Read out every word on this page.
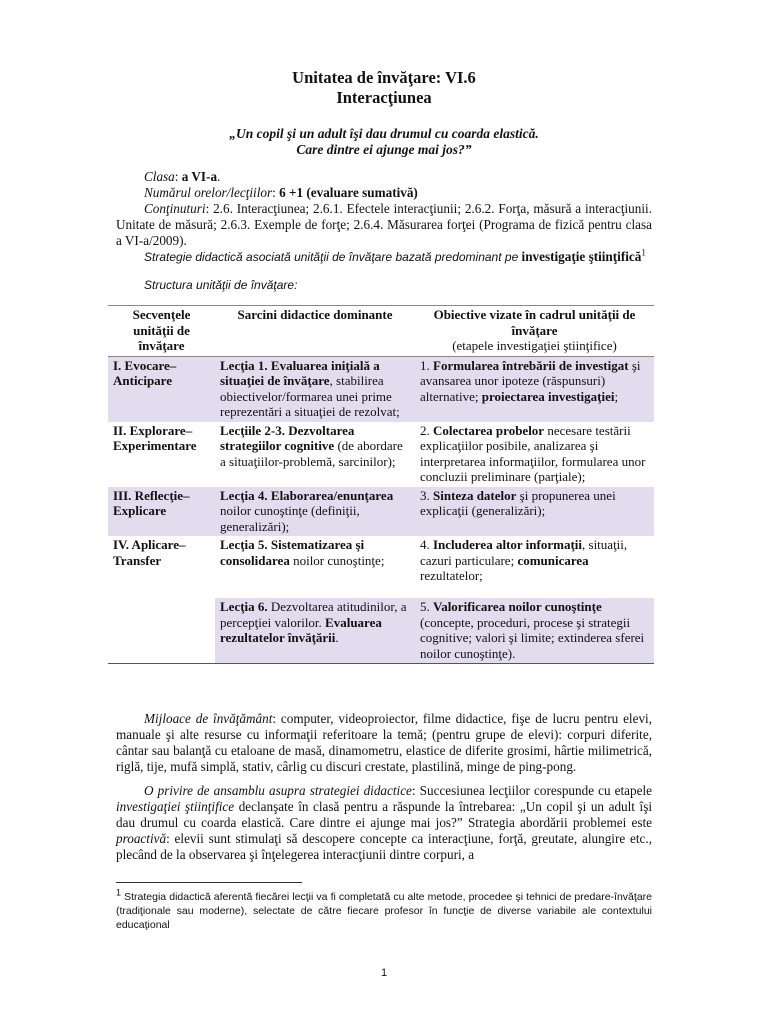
Unitatea de învăţare: VI.6
Interacţiunea
„Un copil şi un adult îşi dau drumul cu coarda elastică.
Care dintre ei ajunge mai jos?”
Clasa: a VI-a.
Numărul orelor/lecţiilor: 6 +1 (evaluare sumativă)
Conţinuturi: 2.6. Interacţiunea; 2.6.1. Efectele interacţiunii; 2.6.2. Forţa, măsură a interacţiunii. Unitate de măsură; 2.6.3. Exemple de forţe; 2.6.4. Măsurarea forţei (Programa de fizică pentru clasa a VI-a/2009).
Strategie didactică asociată unităţii de învăţare bazată predominant pe investigaţie ştiinţifică$^1$
Structura unităţii de învăţare:
Secvenţele unităţii de învăţare	Sarcini didactice dominante	Obiective vizate în cadrul unităţii de învăţare
(etapele investigaţiei ştiinţifice)
I. Evocare– Anticipare	Lecţia 1. Evaluarea iniţială a situaţiei de învăţare, stabilirea obiectivelor/formarea unei prime reprezentări a situaţiei de rezolvat;	1. Formularea întrebării de investigat şi avansarea unor ipoteze (răspunsuri) alternative; proiectarea investigaţiei;
II. Explorare– Experimentare	Lecţiile 2-3. Dezvoltarea strategiilor cognitive (de abordare a situaţiilor-problemă, sarcinilor);	2. Colectarea probelor necesare testării explicaţiilor posibile, analizarea şi interpretarea informaţiilor, formularea unor concluzii preliminare (parţiale);
III. Reflecţie– Explicare	Lecţia 4. Elaborarea/enunţarea noilor cunoştinţe (definiţii, generalizări);	3. Sinteza datelor şi propunerea unei explicaţii (generalizări);
IV. Aplicare– Transfer	Lecţia 5. Sistematizarea şi consolidarea noilor cunoştinţe;	4. Includerea altor informaţii, situaţii, cazuri particulare; comunicarea rezultatelor;
	Lecţia 6. Dezvoltarea atitudinilor, a percepţiei valorilor. Evaluarea rezultatelor învăţării.	5. Valorificarea noilor cunoştinţe (concepte, proceduri, procese şi strategii cognitive; valori şi limite; extinderea sferei noilor cunoştinţe).
Mijloace de învăţământ: computer, videoproiector, filme didactice, fişe de lucru pentru elevi, manuale şi alte resurse cu informaţii referitoare la temă; (pentru grupe de elevi): corpuri diferite, cântar sau balanţă cu etaloane de masă, dinamometru, elastice de diferite grosimi, hârtie milimetrică, riglă, tije, mufă simplă, stativ, cârlig cu discuri crestate, plastilină, minge de ping-pong.
O privire de ansamblu asupra strategiei didactice: Succesiunea lecţiilor corespunde cu etapele investigaţiei ştiinţifice declanşate în clasă pentru a răspunde la întrebarea: „Un copil şi un adult îşi dau drumul cu coarda elastică. Care dintre ei ajunge mai jos?” Strategia abordării problemei este proactivă: elevii sunt stimulaţi să descopere concepte ca interacţiune, forţă, greutate, alungire etc., plecând de la observarea şi înţelegerea interacţiunii dintre corpuri, a
$^1$ Strategia didactică aferentă fiecărei lecţii va fi completată cu alte metode, procedee şi tehnici de predare-învăţare (tradiţionale sau moderne), selectate de către fiecare profesor în funcţie de diverse variabile ale contextului educaţional
1
